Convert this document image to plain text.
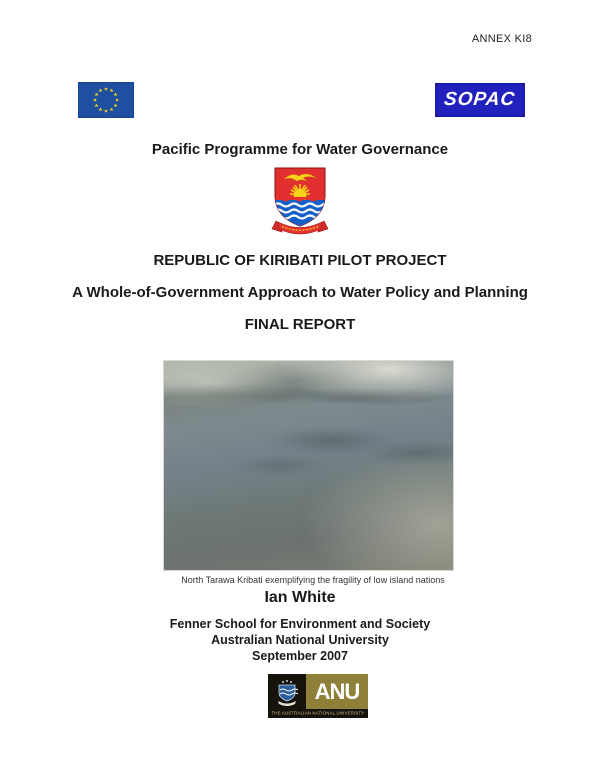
ANNEX KI8
SOPAC
Pacific Programme for Water Governance
REPUBLIC OF KIRIBATI PILOT PROJECT
A Whole-of-Government Approach to Water Policy and Planning
FINAL REPORT
North Tarawa Kribati exemplifying the fragility of low island nations
Ian White
Fenner School for Environment and Society
Australian National University
September 2007
ANU
THE AUSTRALIAN NATIONAL UNIVERSITY
